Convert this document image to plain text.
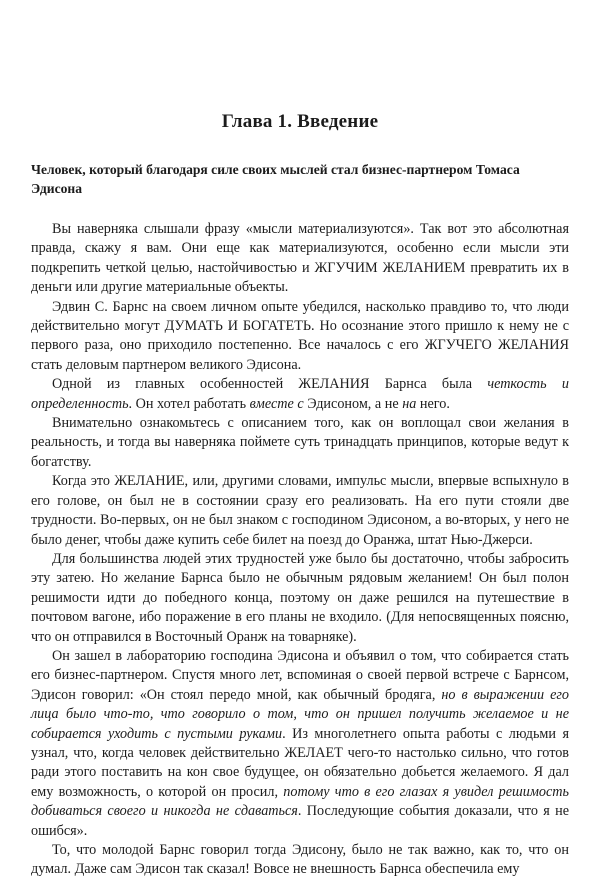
Глава 1. Введение
Человек, который благодаря силе своих мыслей стал бизнес-партнером Томаса Эдисона

Вы наверняка слышали фразу «мысли материализуются». Так вот это абсолютная правда, скажу я вам. Они еще как материализуются, особенно если мысли эти подкрепить четкой целью, настойчивостью и ЖГУЧИМ ЖЕЛАНИЕМ превратить их в деньги или другие материальные объекты.

Эдвин С. Барнс на своем личном опыте убедился, насколько правдиво то, что люди действительно могут ДУМАТЬ И БОГАТЕТЬ. Но осознание этого пришло к нему не с первого раза, оно приходило постепенно. Все началось с его ЖГУЧЕГО ЖЕЛАНИЯ стать деловым партнером великого Эдисона.

Одной из главных особенностей ЖЕЛАНИЯ Барнса была четкость и определенность. Он хотел работать вместе с Эдисоном, а не на него.

Внимательно ознакомьтесь с описанием того, как он воплощал свои желания в реальность, и тогда вы наверняка поймете суть тринадцать принципов, которые ведут к богатству.

Когда это ЖЕЛАНИЕ, или, другими словами, импульс мысли, впервые вспыхнуло в его голове, он был не в состоянии сразу его реализовать. На его пути стояли две трудности. Во-первых, он не был знаком с господином Эдисоном, а во-вторых, у него не было денег, чтобы даже купить себе билет на поезд до Оранжа, штат Нью-Джерси.

Для большинства людей этих трудностей уже было бы достаточно, чтобы забросить эту затею. Но желание Барнса было не обычным рядовым желанием! Он был полон решимости идти до победного конца, поэтому он даже решился на путешествие в почтовом вагоне, ибо поражение в его планы не входило. (Для непосвященных поясню, что он отправился в Восточный Оранж на товарняке).

Он зашел в лабораторию господина Эдисона и объявил о том, что собирается стать его бизнес-партнером. Спустя много лет, вспоминая о своей первой встрече с Барнсом, Эдисон говорил: «Он стоял передо мной, как обычный бродяга, но в выражении его лица было что-то, что говорило о том, что он пришел получить желаемое и не собирается уходить с пустыми руками. Из многолетнего опыта работы с людьми я узнал, что, когда человек действительно ЖЕЛАЕТ чего-то настолько сильно, что готов ради этого поставить на кон свое будущее, он обязательно добьется желаемого. Я дал ему возможность, о которой он просил, потому что в его глазах я увидел решимость добиваться своего и никогда не сдаваться. Последующие события доказали, что я не ошибся».

То, что молодой Барнс говорил тогда Эдисону, было не так важно, как то, что он думал. Даже сам Эдисон так сказал! Вовсе не внешность Барнса обеспечила ему
